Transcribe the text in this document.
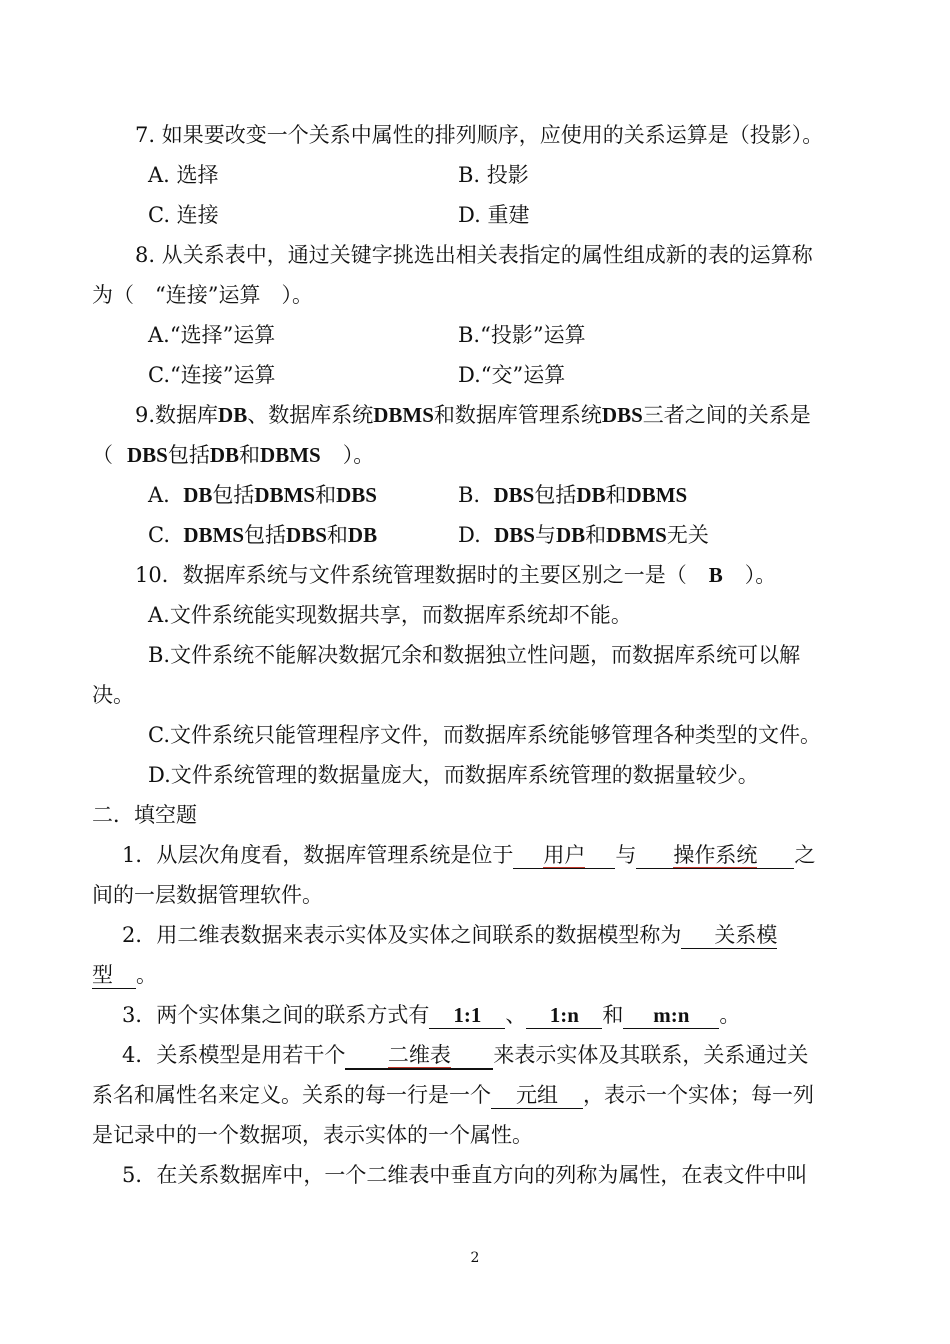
7. 如果要改变一个关系中属性的排列顺序，应使用的关系运算是（投影）。
A. 选择	B. 投影
C. 连接	D. 重建
8. 从关系表中，通过关键字挑选出相关表指定的属性组成新的表的运算称
为（　“连接”运算　）。
A.“选择”运算	B.“投影”运算
C.“连接”运算	D.“交”运算
9.数据库DB、数据库系统DBMS和数据库管理系统DBS三者之间的关系是
（ DBS包括DB和DBMS ）。
A. DB包括DBMS和DBS	B. DBS包括DB和DBMS
C. DBMS包括DBS和DB	D. DBS与DB和DBMS无关
10．数据库系统与文件系统管理数据时的主要区别之一是（ B ）。
A.文件系统能实现数据共享，而数据库系统却不能。
B.文件系统不能解决数据冗余和数据独立性问题，而数据库系统可以解
决。
C.文件系统只能管理程序文件，而数据库系统能够管理各种类型的文件。
D.文件系统管理的数据量庞大，而数据库系统管理的数据量较少。
二．填空题
1．从层次角度看，数据库管理系统是位于 用户 与 操作系统 之
间的一层数据管理软件。
2．用二维表数据来表示实体及实体之间联系的数据模型称为 关系模
型 。
3．两个实体集之间的联系方式有 1:1 、 1:n 和 m:n 。
4．关系模型是用若干个 二维表 来表示实体及其联系，关系通过关
系名和属性名来定义。关系的每一行是一个 元组 ，表示一个实体；每一列
是记录中的一个数据项，表示实体的一个属性。
5．在关系数据库中，一个二维表中垂直方向的列称为属性，在表文件中叫
2
